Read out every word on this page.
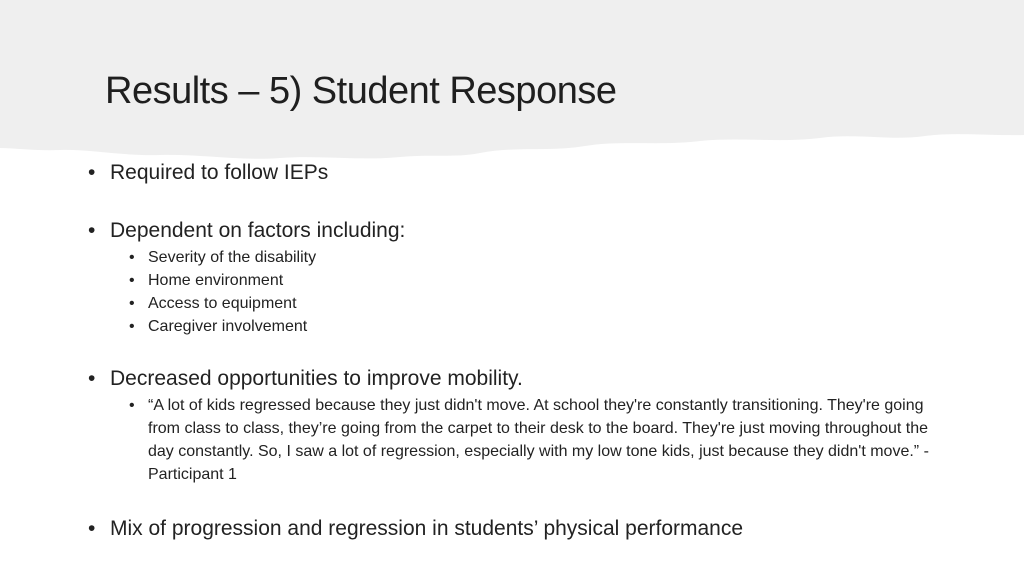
Results – 5) Student Response
• Required to follow IEPs
• Dependent on factors including:
• Severity of the disability
• Home environment
• Access to equipment
• Caregiver involvement
• Decreased opportunities to improve mobility.
• “A lot of kids regressed because they just didn't move. At school they're constantly transitioning. They're going from class to class, they’re going from the carpet to their desk to the board. They're just moving throughout the day constantly. So, I saw a lot of regression, especially with my low tone kids, just because they didn't move.” - Participant 1
• Mix of progression and regression in students’ physical performance
